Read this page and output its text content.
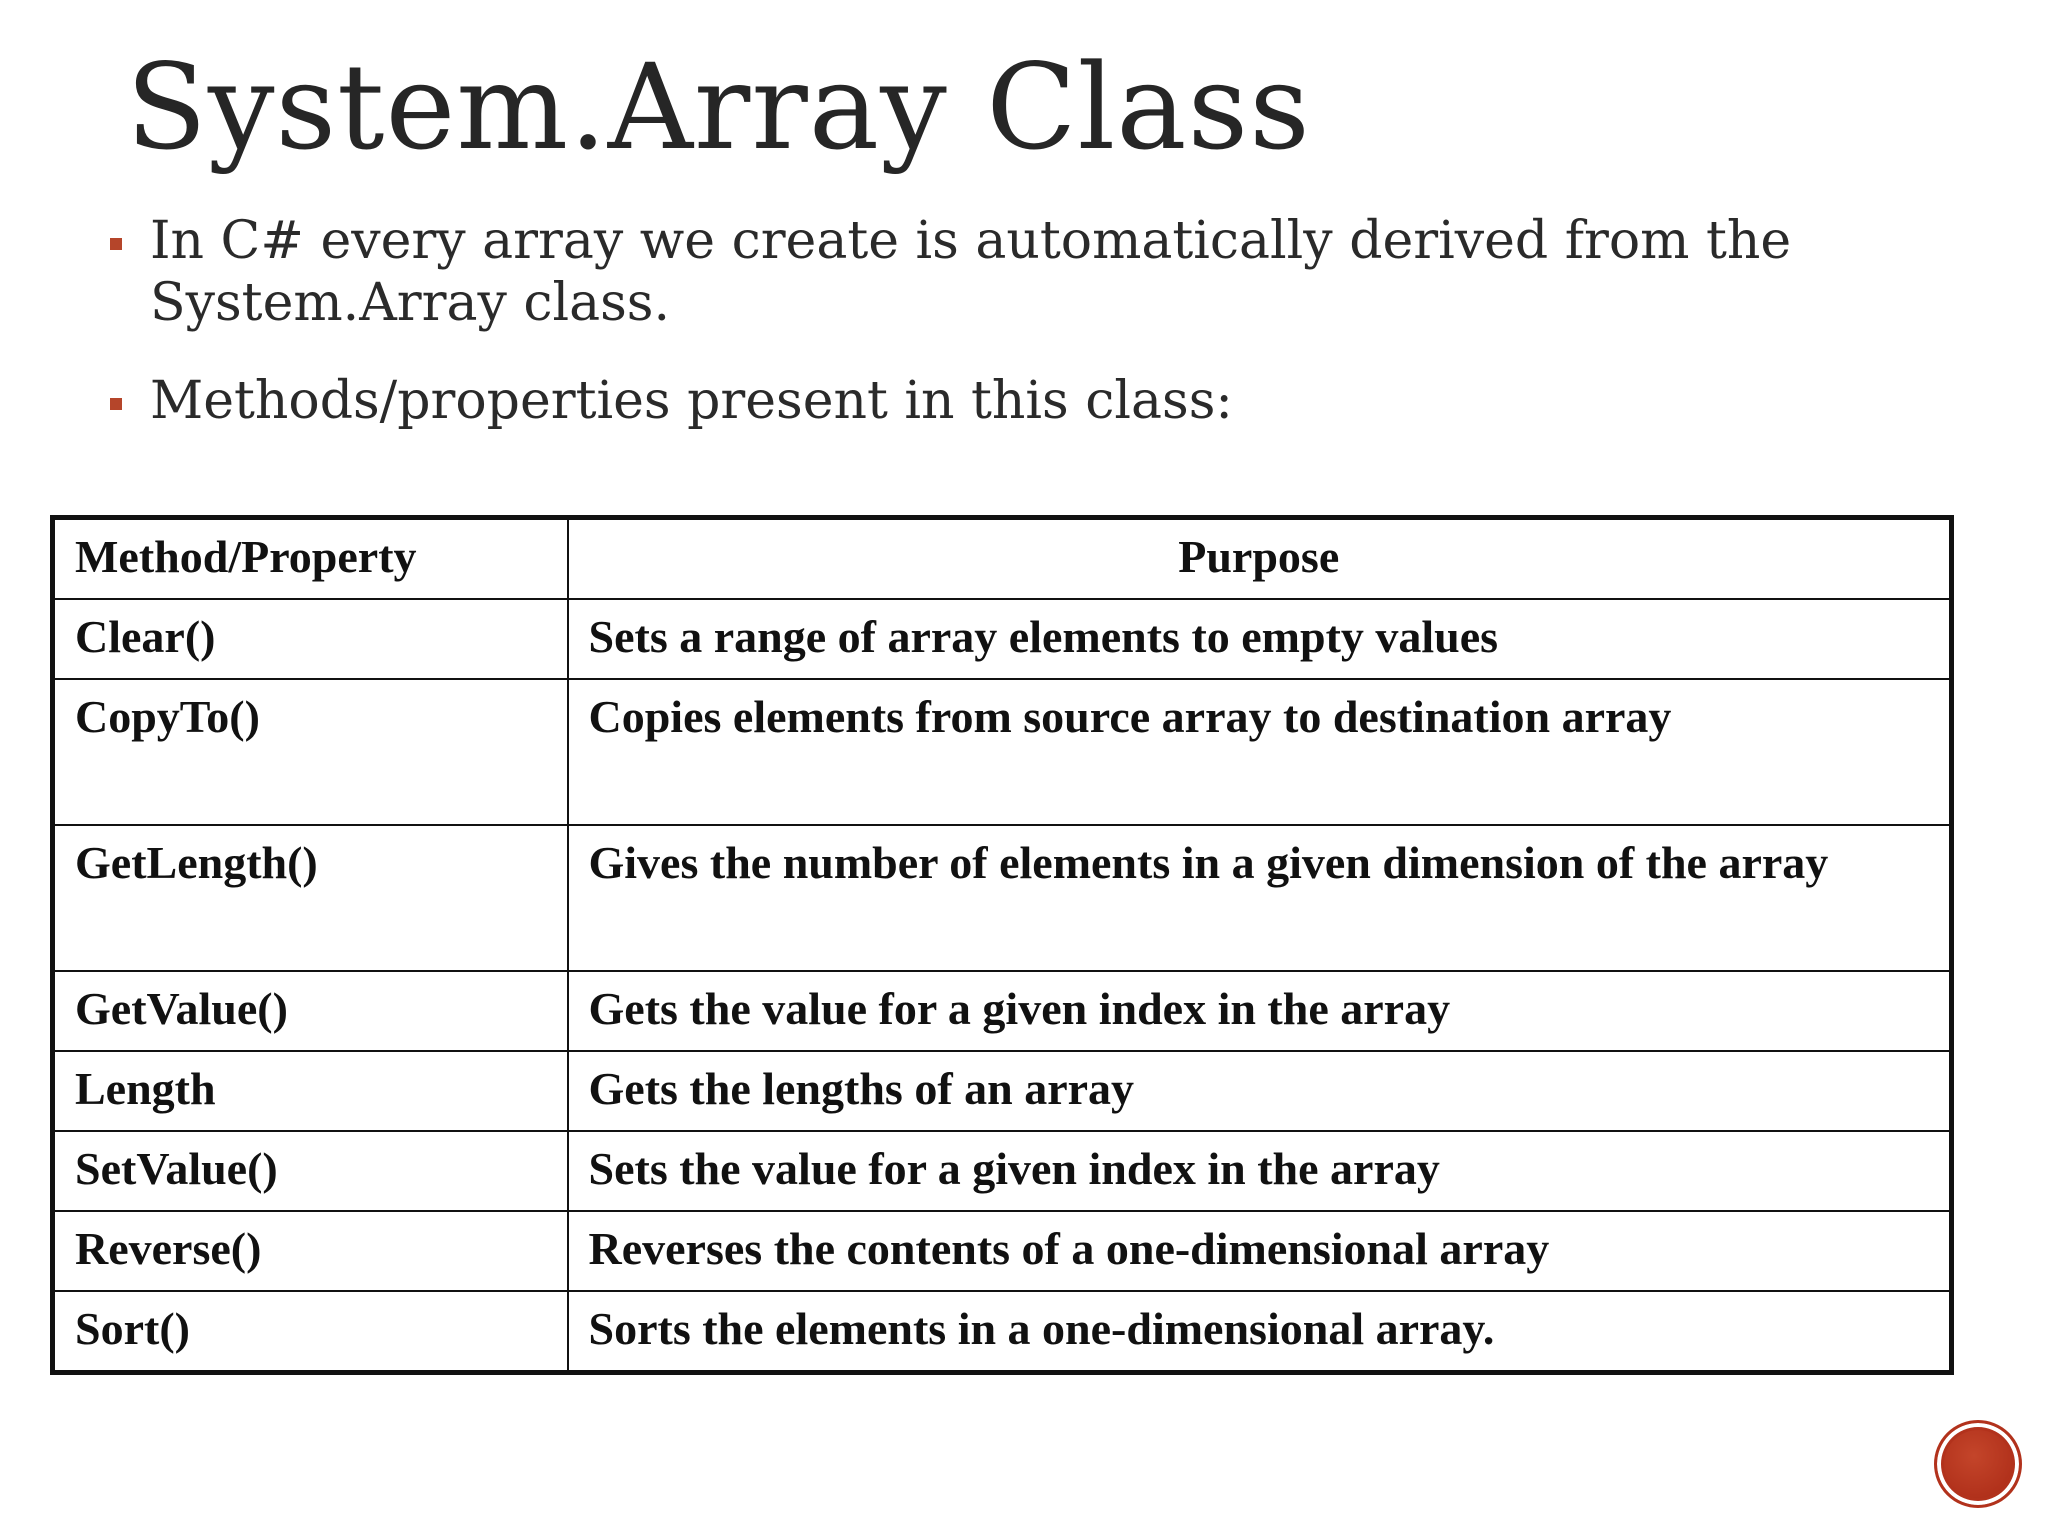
System.Array Class
In C# every array we create is automatically derived from the System.Array class.
Methods/properties present in this class:
Method/Property	Purpose
Clear()	Sets a range of array elements to empty values
CopyTo()	Copies elements from source array to destination array
GetLength()	Gives the number of elements in a given dimension of the array
GetValue()	Gets the value for a given index in the array
Length	Gets the lengths of an array
SetValue()	Sets the value for a given index in the array
Reverse()	Reverses the contents of a one-dimensional array
Sort()	Sorts the elements in a one-dimensional array.
